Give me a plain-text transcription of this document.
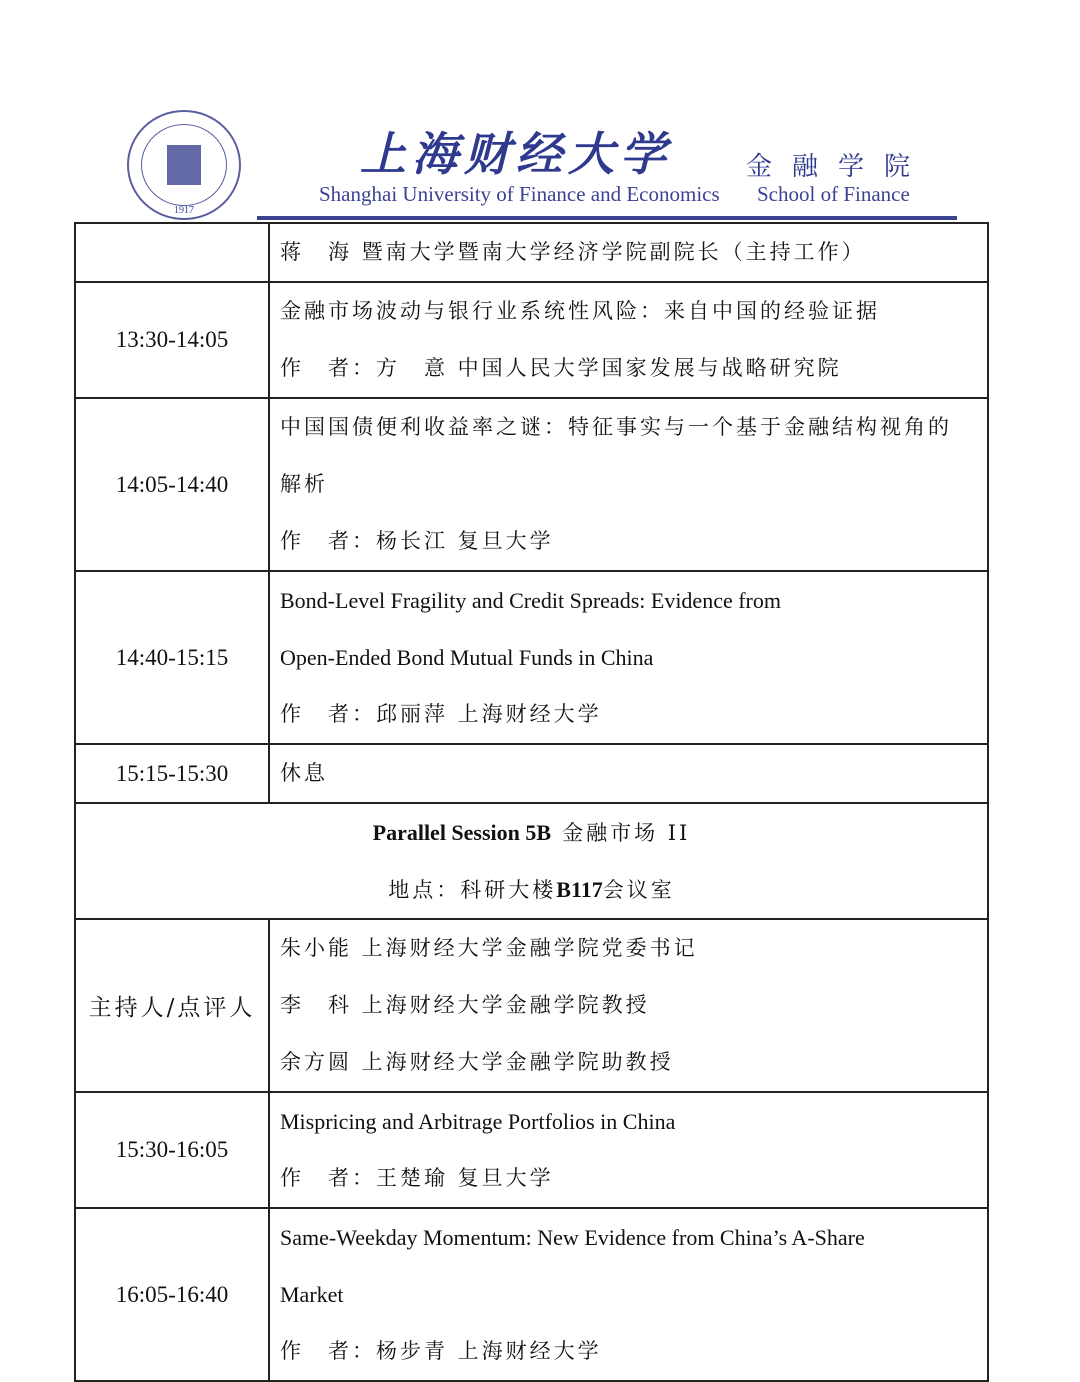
1917
上海财经大学	金融学院
Shanghai University of Finance and Economics School of Finance

	蒋　海 暨南大学暨南大学经济学院副院长（主持工作）

13:30-14:05	金融市场波动与银行业系统性风险：来自中国的经验证据
作　者：方　意 中国人民大学国家发展与战略研究院

14:05-14:40	中国国债便利收益率之谜：特征事实与一个基于金融结构视角的
解析
作　者：杨长江 复旦大学

14:40-15:15	Bond-Level Fragility and Credit Spreads: Evidence from
Open-Ended Bond Mutual Funds in China
作　者：邱丽萍 上海财经大学

15:15-15:30	休息

Parallel Session 5B 金融市场 II
地点：科研大楼B117会议室	

主持人/点评人	朱小能 上海财经大学金融学院党委书记
李　科 上海财经大学金融学院教授
余方圆 上海财经大学金融学院助教授

15:30-16:05	Mispricing and Arbitrage Portfolios in China
作　者：王楚瑜 复旦大学

16:05-16:40	Same-Weekday Momentum: New Evidence from China’s A-Share
Market
作　者：杨步青 上海财经大学
